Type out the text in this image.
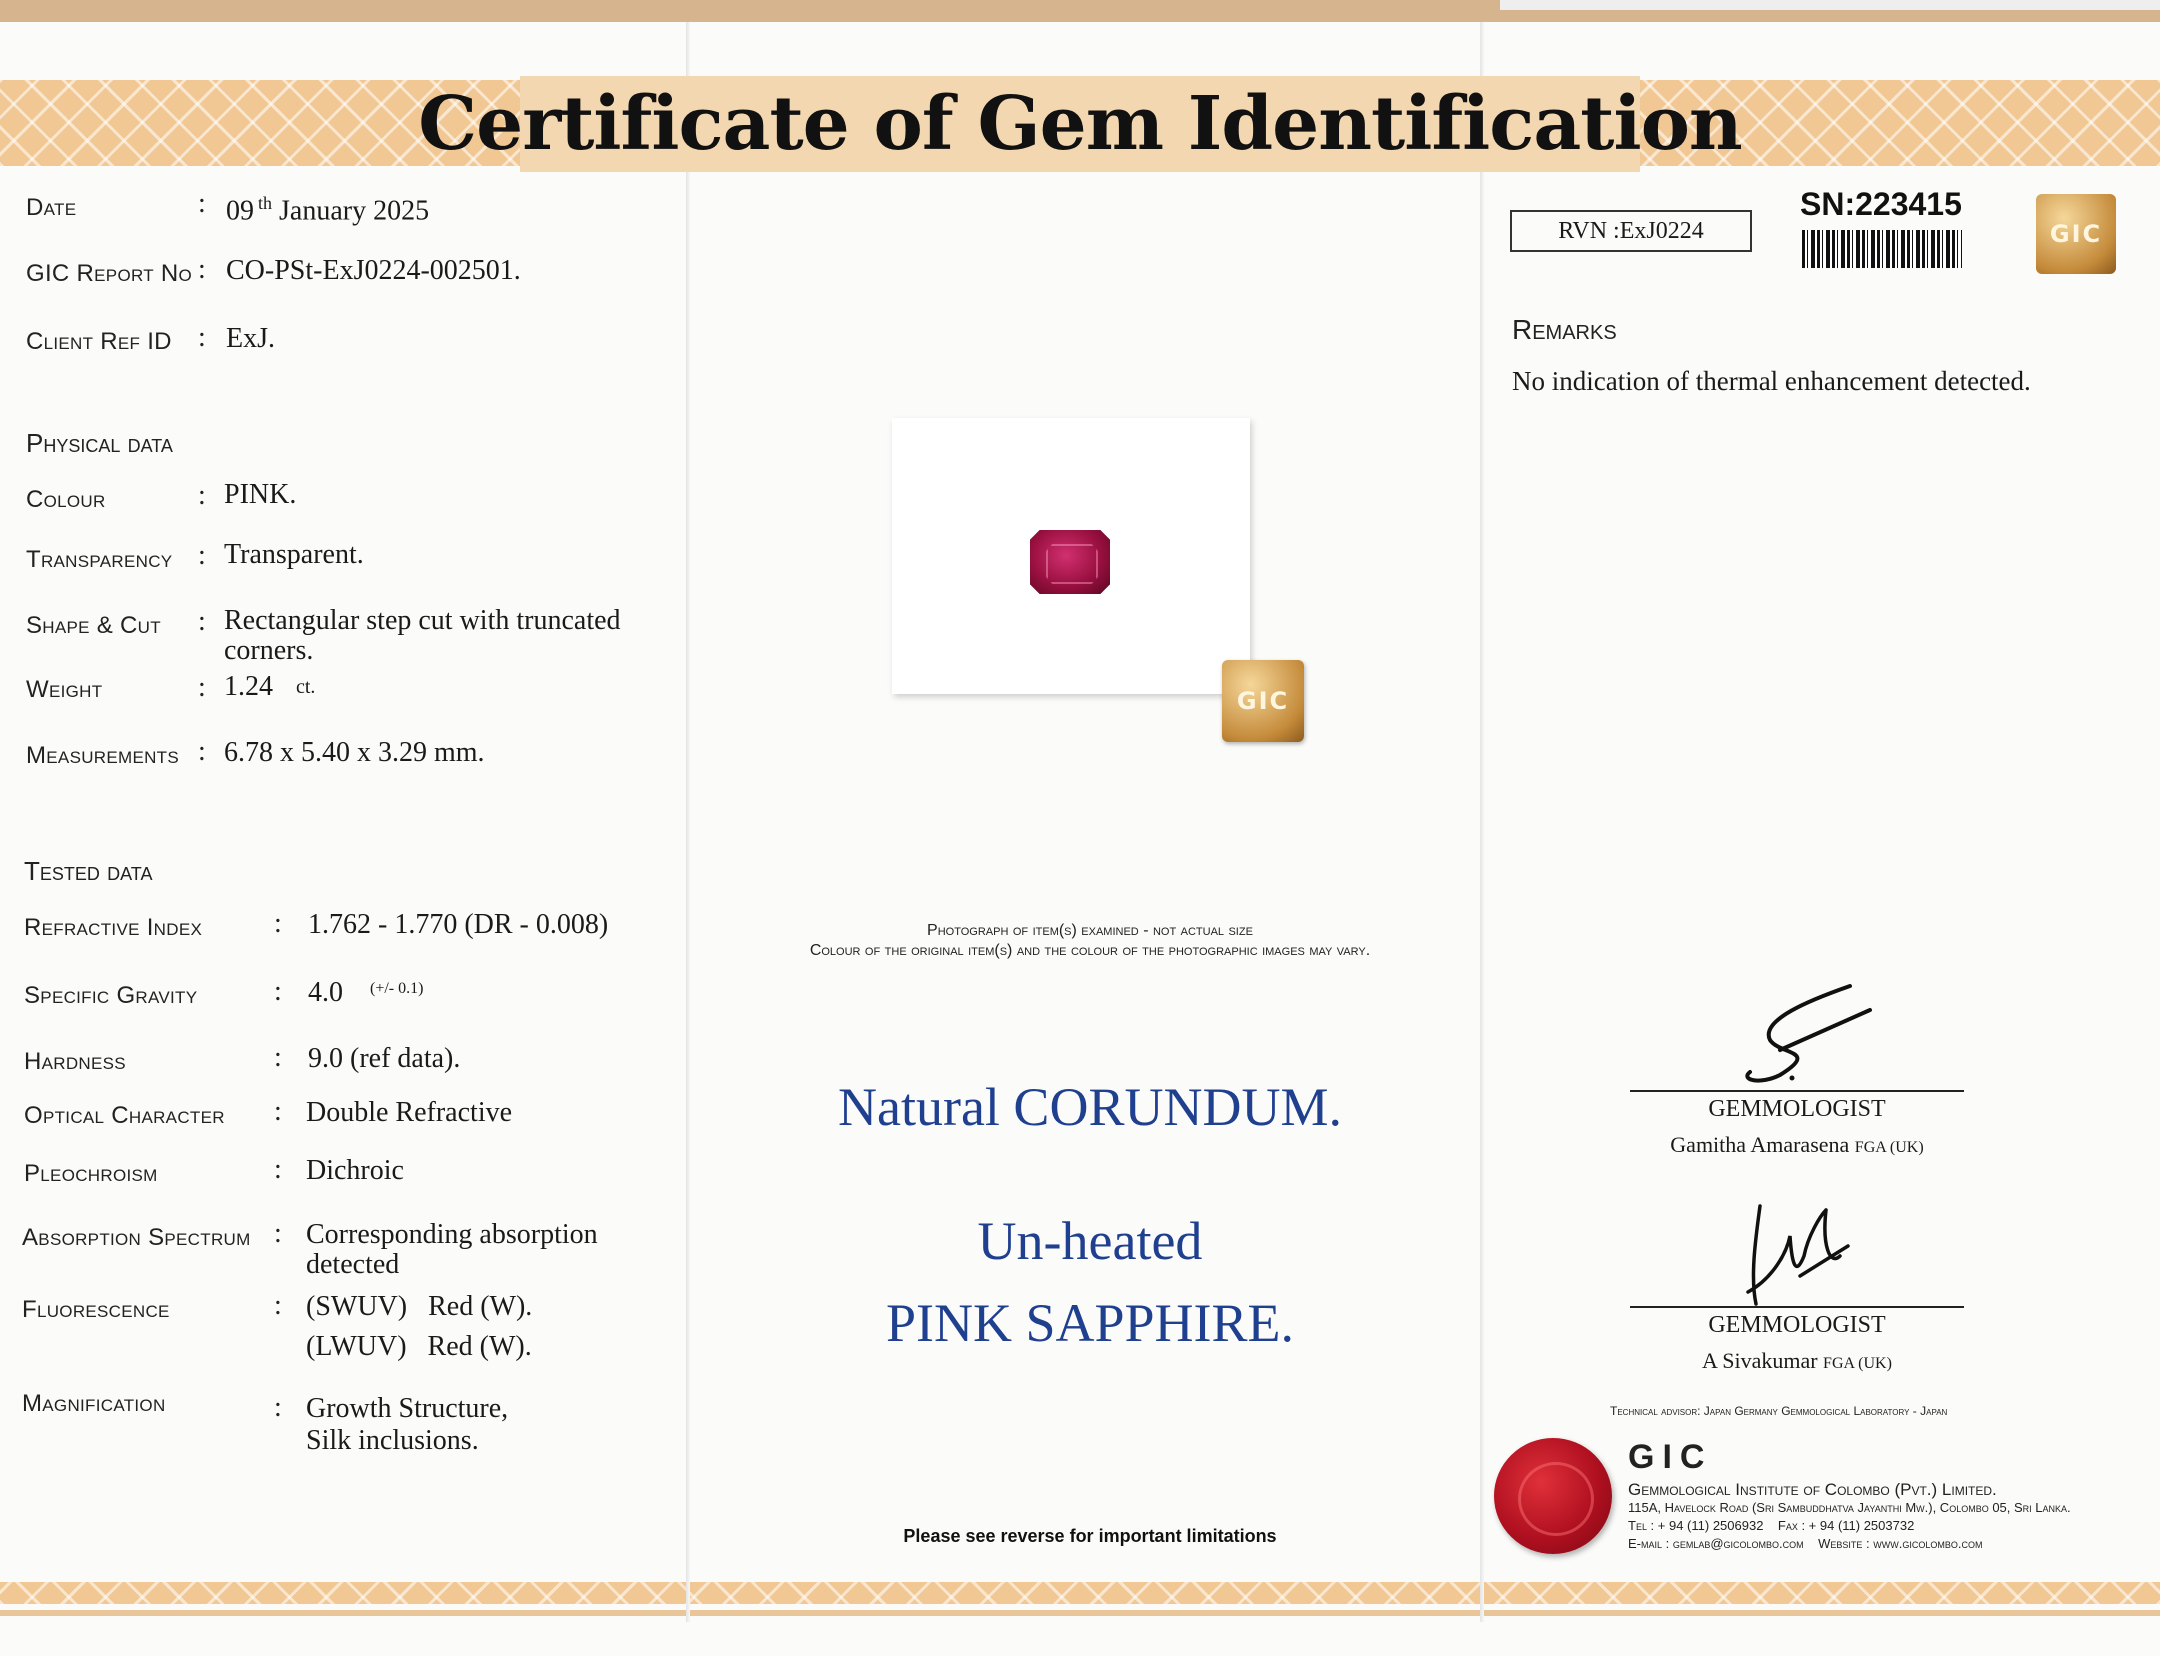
Certificate of Gem Identification
Date	: 09 $^{th}$ January 2025
GIC Report No : CO-PSt-ExJ0224-002501.
Client Ref ID : ExJ.
Physical data
Colour	: PINK.
Transparency : Transparent.
Shape & Cut : Rectangular step cut with truncated
corners.
Weight	: 1.24 ct.
Measurements : 6.78 x 5.40 x 3.29 mm.
Tested data
Refractive Index	: 1.762 - 1.770 (DR - 0.008)
Specific Gravity	: 4.0 (+/- 0.1)
Hardness	: 9.0 (ref data).
Optical Character : Double Refractive
Pleochroism	: Dichroic
Absorption Spectrum : Corresponding absorption
detected
Fluorescence	: (SWUV)   Red (W).
(LWUV)   Red (W).
Magnification	: Growth Structure,
Silk inclusions.
GIC
Photograph of item(s) examined - not actual size
Colour of the original item(s) and the colour of the photographic images may vary.
Natural CORUNDUM.
Un-heated
PINK SAPPHIRE.
Please see reverse for important limitations
RVN :ExJ0224
SN:223415
GIC
Remarks
No indication of thermal enhancement detected.
GEMMOLOGIST
Gamitha Amarasena FGA (UK)
GEMMOLOGIST
A Sivakumar FGA (UK)
Technical advisor: Japan Germany Gemmological Laboratory - Japan
GIC
Gemmological Institute of Colombo (Pvt.) Limited.
115A, Havelock Road (Sri Sambuddhatva Jayanthi Mw.), Colombo 05, Sri Lanka.
Tel : + 94 (11) 2506932    Fax : + 94 (11) 2503732
E-mail : gemlab@gicolombo.com    Website : www.gicolombo.com
